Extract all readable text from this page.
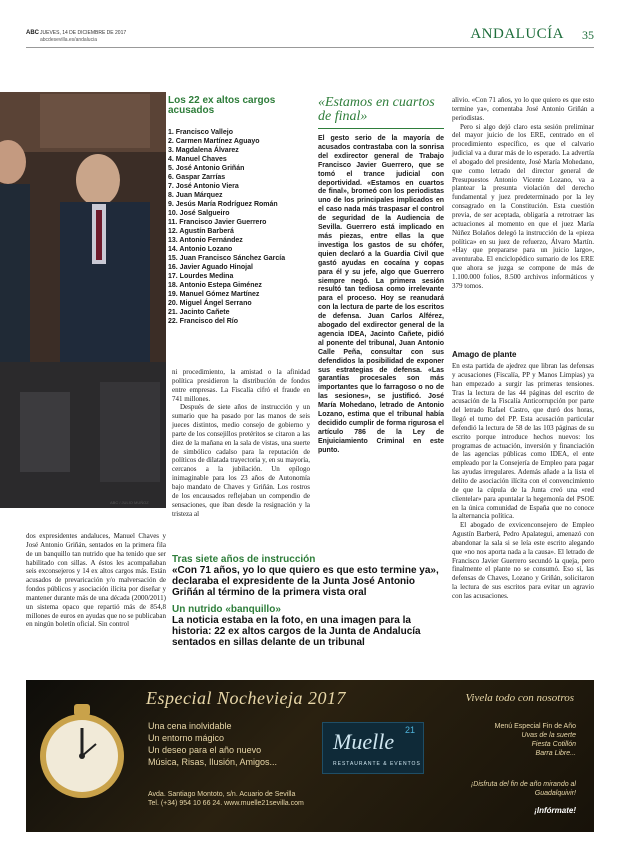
ABC JUEVES, 14 DE DICIEMBRE DE 2017
abcdesevilla.es/andalucia	ANDALUCÍA 35
ABC / JULIO MUÑOZ
Los 22 ex altos cargos acusados
1. Francisco Vallejo
2. Carmen Martínez Aguayo
3. Magdalena Álvarez
4. Manuel Chaves
5. José Antonio Griñán
6. Gaspar Zarrías
7. José Antonio Viera
8. Juan Márquez
9. Jesús María Rodríguez Román
10. José Salgueiro
11. Francisco Javier Guerrero
12. Agustín Barberá
13. Antonio Fernández
14. Antonio Lozano
15. Juan Francisco Sánchez García
16. Javier Aguado Hinojal
17. Lourdes Medina
18. Antonio Estepa Giménez
19. Manuel Gómez Martínez
20. Miguel Ángel Serrano
21. Jacinto Cañete
22. Francisco del Río
«Estamos en cuartos de final»
El gesto serio de la mayoría de acusados contrastaba con la sonrisa del exdirector general de Trabajo Francisco Javier Guerrero, que se tomó el trance judicial con deportividad. «Estamos en cuartos de final», bromeó con los periodistas uno de los principales implicados en el caso nada más traspasar el control de seguridad de la Audiencia de Sevilla. Guerrero está implicado en más piezas, entre ellas la que investiga los gastos de su chófer, quien declaró a la Guardia Civil que gastó ayudas en cocaína y copas para él y su jefe, algo que Guerrero siempre negó. La primera sesión resultó tan tediosa como irrelevante para el proceso. Hoy se reanudará con la lectura de parte de los escritos de defensa. Juan Carlos Alférez, abogado del exdirector general de la agencia IDEA, Jacinto Cañete, pidió al ponente del tribunal, Juan Antonio Calle Peña, consultar con sus defendidos la posibilidad de exponer sus estrategias de defensa. «Las garantías procesales son más importantes que lo farragoso o no de las sesiones», se justificó. José María Mohedano, letrado de Antonio Lozano, estima que el tribunal había decidido cumplir de forma rigurosa el artículo 786 de la Ley de Enjuiciamiento Criminal en este punto.
dos expresidentes andaluces, Manuel Chaves y José Antonio Griñán, sentados en la primera fila de un banquillo tan nutrido que ha tenido que ser habilitado con sillas. A éstos les acompañaban seis exconsejeros y 14 ex altos cargos más. Están acusados de prevaricación y/o malversación de fondos públicos y asociación ilícita por diseñar y mantener durante más de una década (2000/2011) un sistema opaco que repartió más de 854,8 millones de euros en ayudas que no se publicaban en ningún boletín oficial. Sin control

ni procedimiento, la amistad o la afinidad política presidieron la distribución de fondos entre empresas. La Fiscalía cifró el fraude en 741 millones.

Después de siete años de instrucción y un sumario que ha pasado por las manos de seis jueces distintos, medio consejo de gobierno y parte de los consejillos pretéritos se citaron a las diez de la mañana en la sala de vistas, una suerte de simbólico cadalso para la reputación de políticos de dilatada trayectoria y, en su mayoría, cercanos a la jubilación. Un epílogo inimaginable para los 23 años de Autonomía bajo mandato de Chaves y Griñán. Los rostros de los encausados reflejaban un compendio de sensaciones, que iban desde la resignación y la tristeza al

Tras siete años de instrucción
«Con 71 años, yo lo que quiero es que esto termine ya», declaraba el expresidente de la Junta José Antonio Griñán al término de la primera vista oral
Un nutrido «banquillo»
La noticia estaba en la foto, en una imagen para la historia: 22 ex altos cargos de la Junta de Andalucía sentados en sillas delante de un tribunal

alivio. «Con 71 años, yo lo que quiero es que esto termine ya», comentaba José Antonio Griñán a periodistas.

Pero si algo dejó claro esta sesión preliminar del mayor juicio de los ERE, centrado en el procedimiento específico, es que el calvario judicial va a durar más de lo esperado. La advertía el abogado del presidente, José María Mohedano, que como letrado del director general de Presupuestos Antonio Vicente Lozano, va a plantear la presunta violación del derecho fundamental y juez predeterminado por la ley consagrado en la Constitución. Esta cuestión previa, de ser aceptada, obligaría a retrotraer las actuaciones al momento en que el juez María Núñez Bolaños delegó la instrucción de la «pieza política» en su juez de refuerzo, Álvaro Martín. «Hay que prepararse para un juicio largo», aventuraba. El enciclopédico sumario de los ERE que ahora se juzga se compone de más de 1.100.000 folios, 8.500 archivos informáticos y 379 tomos.

Amago de plante

En esta partida de ajedrez que libran las defensas y acusaciones (Fiscalía, PP y Manos Limpias) ya han empezado a surgir las primeras tensiones. Tras la lectura de las 44 páginas del escrito de acusación de la Fiscalía Anticorrupción por parte del letrado Rafael Castro, que duró dos horas, llegó el turno del PP. Esta acusación particular defendió la lectura de 58 de las 103 páginas de su escrito porque introduce hechos nuevos: los programas de actuación, inversión y financiación de las agencias públicas como IDEA, el ente empleado por la Consejería de Empleo para pagar las ayudas irregulares. Además añade a la lista el delito de asociación ilícita con el convencimiento de que la cúpula de la Junta creó una «red clientelar» para apuntalar la hegemonía del PSOE en la única comunidad de España que no conoce la alternancia política.

El abogado de exvicenconsejero de Empleo Agustín Barberá, Pedro Apalategui, amenazó con abandonar la sala si se leía este escrito alegando que «no nos aporta nada a la causa». El letrado de Francisco Javier Guerrero secundó la queja, pero finalmente el plante no se consumó. Eso sí, las defensas de Chaves, Lozano y Griñán, solicitaron la lectura de sus escritos para evitar un agravio con las acusaciones.

Especial Nochevieja 2017	Vivela todo con nosotros
Una cena inolvidable
Un entorno mágico
Un deseo para el año nuevo
Música, Risas, Ilusión, Amigos...
Avda. Santiago Montoto, s/n. Acuario de Sevilla
Tel. (+34) 954 10 66 24. www.muelle21sevilla.com
Muelle 21
RESTAURANTE & EVENTOS
Menú Especial Fin de Año
Uvas de la suerte
Fiesta Cotillón
Barra Libre...
¡Disfruta del fin de año mirando al Guadalquivir!
¡Infórmate!
